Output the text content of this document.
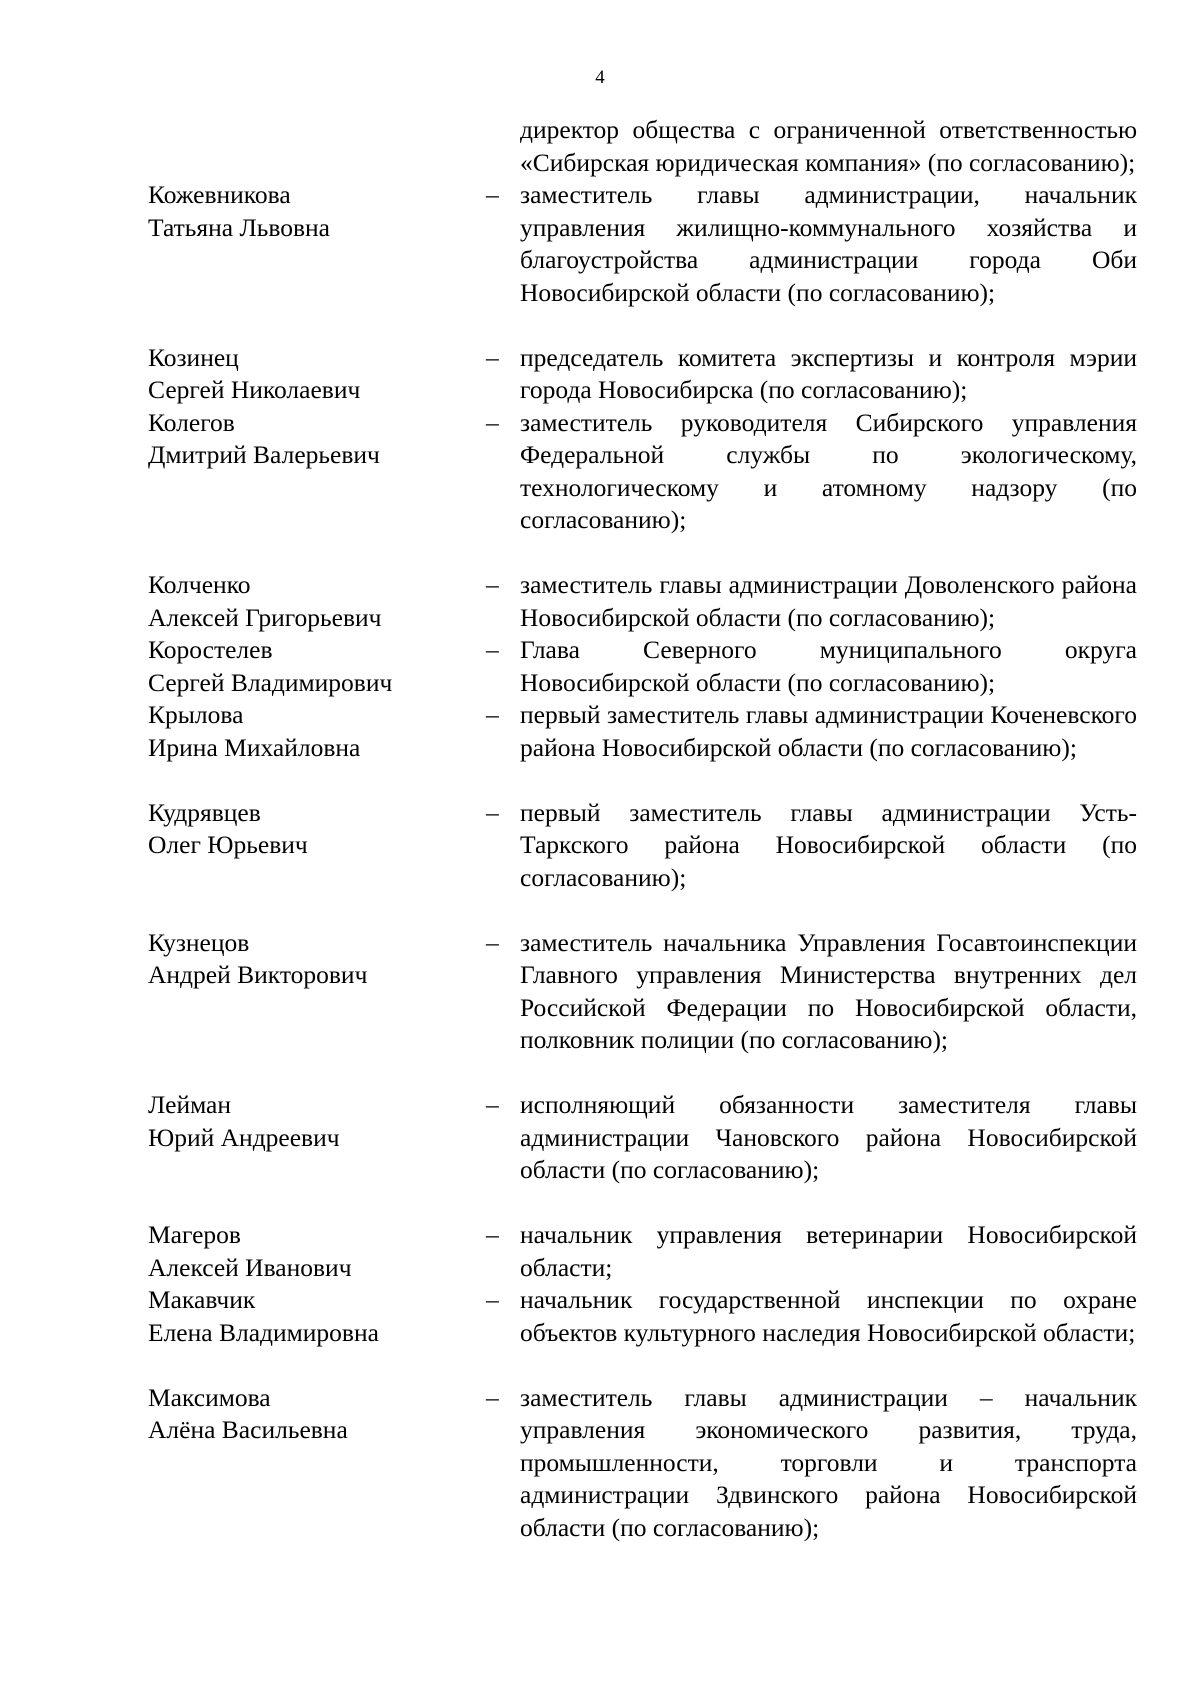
4
директор общества с ограниченной ответственностью «Сибирская юридическая компания» (по согласованию);
Кожевникова
Татьяна Львовна
– заместитель главы администрации, начальник управления жилищно-коммунального хозяйства и благоустройства администрации города Оби Новосибирской области (по согласованию);
Козинец
Сергей Николаевич
– председатель комитета экспертизы и контроля мэрии города Новосибирска (по согласованию);
Колегов
Дмитрий Валерьевич
– заместитель руководителя Сибирского управления Федеральной службы по экологическому, технологическому и атомному надзору (по согласованию);
Колченко
Алексей Григорьевич
– заместитель главы администрации Доволенского района Новосибирской области (по согласованию);
Коростелев
Сергей Владимирович
– Глава Северного муниципального округа Новосибирской области (по согласованию);
Крылова
Ирина Михайловна
– первый заместитель главы администрации Коченевского района Новосибирской области (по согласованию);
Кудрявцев
Олег Юрьевич
– первый заместитель главы администрации Усть-Таркского района Новосибирской области (по согласованию);
Кузнецов
Андрей Викторович
– заместитель начальника Управления Госавтоинспекции Главного управления Министерства внутренних дел Российской Федерации по Новосибирской области, полковник полиции (по согласованию);
Лейман
Юрий Андреевич
– исполняющий обязанности заместителя главы администрации Чановского района Новосибирской области (по согласованию);
Магеров
Алексей Иванович
– начальник управления ветеринарии Новосибирской области;
Макавчик
Елена Владимировна
– начальник государственной инспекции по охране объектов культурного наследия Новосибирской области;
Максимова
Алёна Васильевна
– заместитель главы администрации – начальник управления экономического развития, труда, промышленности, торговли и транспорта администрации Здвинского района Новосибирской области (по согласованию);
